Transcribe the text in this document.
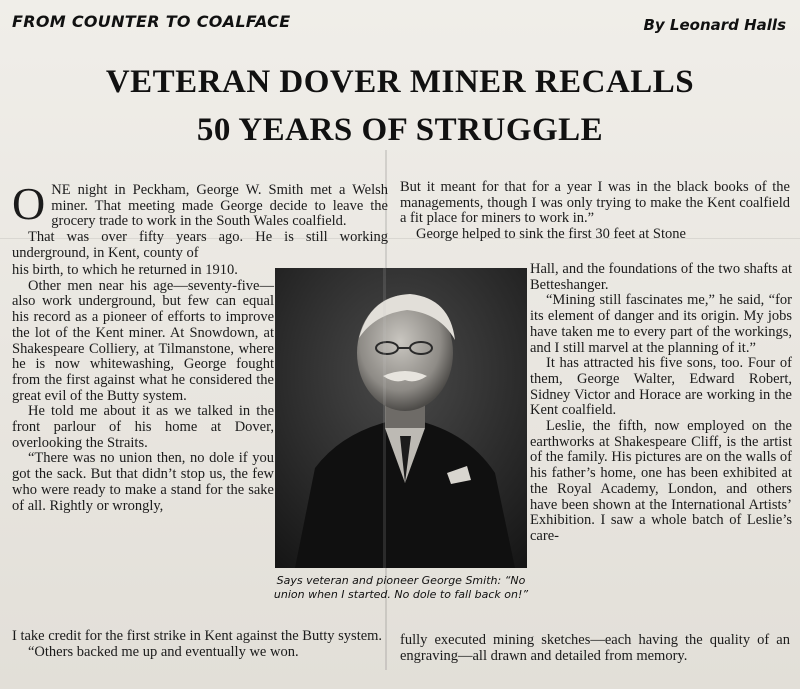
FROM COUNTER TO COALFACE	By Leonard Halls
VETERAN DOVER MINER RECALLS
50 YEARS OF STRUGGLE

ONE night in Peckham, George W. Smith met a Welsh miner. That meeting made George decide to leave the grocery trade to work in the South Wales coalfield.

That was over fifty years ago. He is still working underground, in Kent, county of

his birth, to which he returned in 1910.

Other men near his age—seventy-five—also work underground, but few can equal his record as a pioneer of efforts to improve the lot of the Kent miner. At Snowdown, at Shakespeare Colliery, at Tilmanstone, where he is now whitewashing, George fought from the first against what he considered the great evil of the Butty system.

He told me about it as we talked in the front parlour of his home at Dover, overlooking the Straits.

“There was no union then, no dole if you got the sack. But that didn’t stop us, the few who were ready to make a stand for the sake of all. Rightly or wrongly,

I take credit for the first strike in Kent against the Butty system.

“Others backed me up and eventually we won.

But it meant for that for a year I was in the black books of the managements, though I was only trying to make the Kent coalfield a fit place for miners to work in.”

George helped to sink the first 30 feet at Stone

Hall, and the foundations of the two shafts at Betteshanger.

“Mining still fascinates me,” he said, “for its element of danger and its origin. My jobs have taken me to every part of the workings, and I still marvel at the planning of it.”

It has attracted his five sons, too. Four of them, George Walter, Edward Robert, Sidney Victor and Horace are working in the Kent coalfield.

Leslie, the fifth, now employed on the earthworks at Shakespeare Cliff, is the artist of the family. His pictures are on the walls of his father’s home, one has been exhibited at the Royal Academy, London, and others have been shown at the International Artists’ Exhibition. I saw a whole batch of Leslie’s care-

fully executed mining sketches—each having the quality of an engraving—all drawn and detailed from memory.

Says veteran and pioneer George Smith: “No union when I started. No dole to fall back on!”
